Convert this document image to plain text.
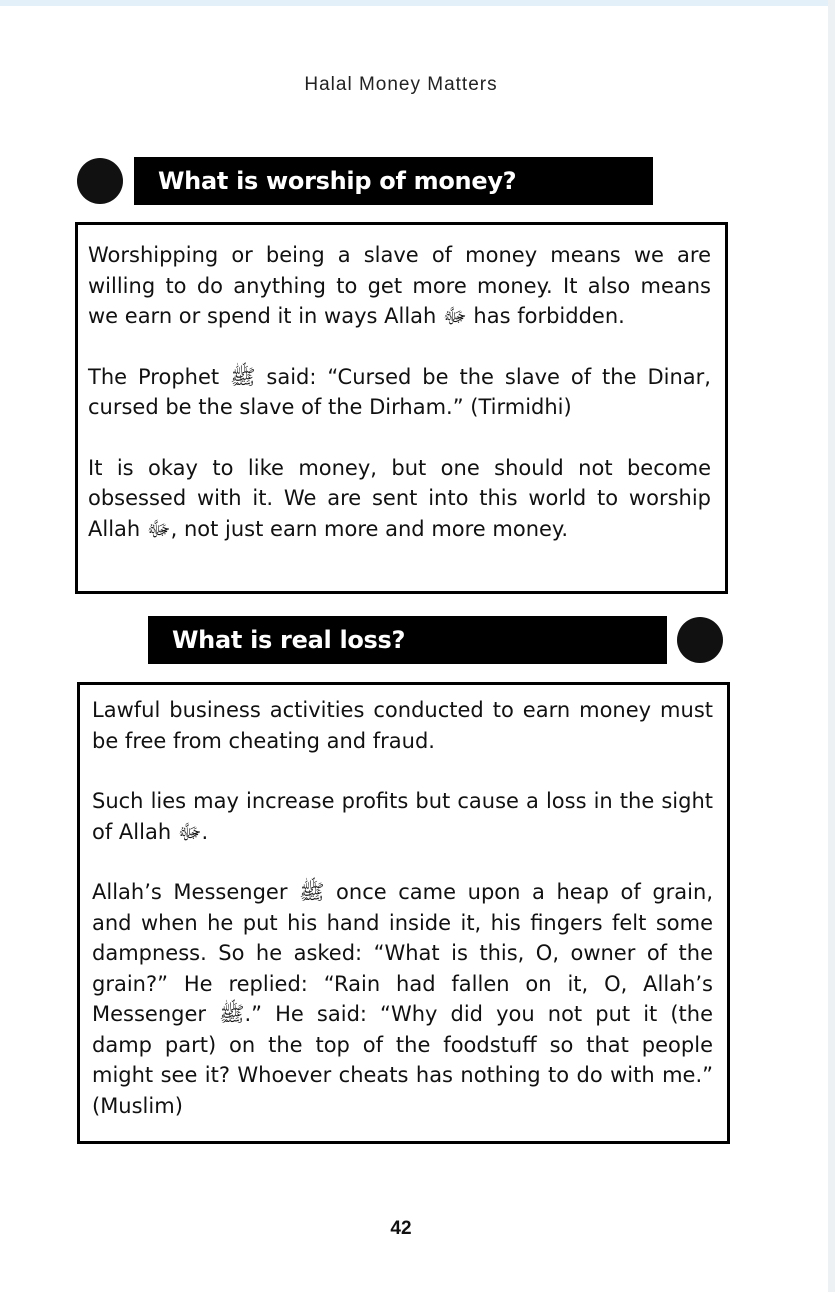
Halal Money Matters
What is worship of money?

Worshipping or being a slave of money means we are willing to do anything to get more money. It also means we earn or spend it in ways Allah ﷻ has forbidden.

The Prophet ﷺ said: “Cursed be the slave of the Dinar, cursed be the slave of the Dirham.” (Tirmidhi)

It is okay to like money, but one should not become obsessed with it. We are sent into this world to worship Allah ﷻ, not just earn more and more money.

What is real loss?

Lawful business activities conducted to earn money must be free from cheating and fraud.

Such lies may increase profits but cause a loss in the sight of Allah ﷻ.

Allah’s Messenger ﷺ once came upon a heap of grain, and when he put his hand inside it, his fingers felt some dampness. So he asked: “What is this, O, owner of the grain?” He replied: “Rain had fallen on it, O, Allah’s Messenger ﷺ.” He said: “Why did you not put it (the damp part) on the top of the foodstuff so that people might see it? Whoever cheats has nothing to do with me.” (Muslim)

42
